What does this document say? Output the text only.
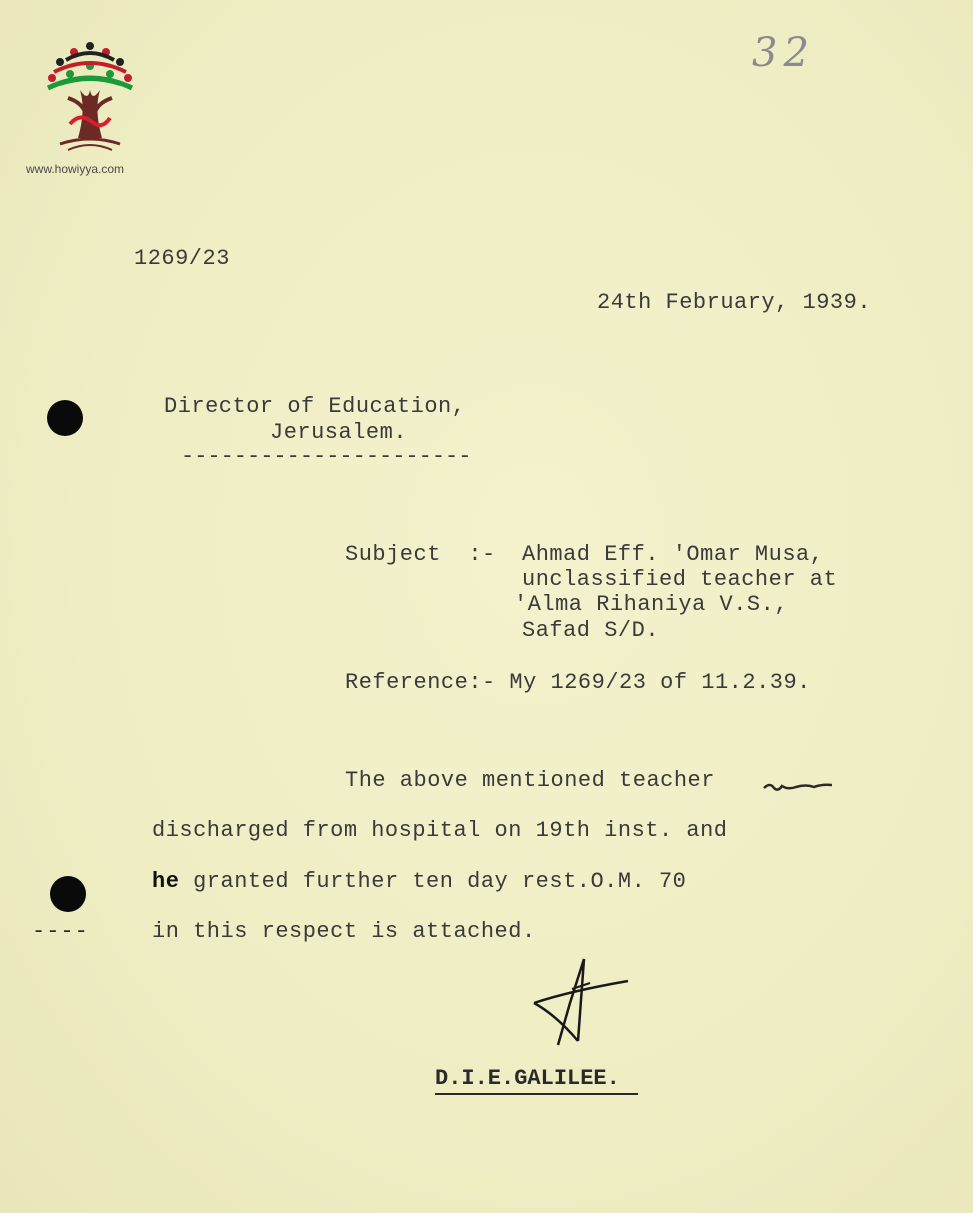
www.howiyya.com
32
1269/23
24th February, 1939.
Director of Education,
Jerusalem.
----------------------
Subject  :- Ahmad Eff. 'Omar Musa,
unclassified teacher at
'Alma Rihaniya V.S.,
Safad S/D.
Reference:- My 1269/23 of 11.2.39.
The above mentioned teacher
discharged from hospital on 19th inst. and
he granted further ten day rest.O.M. 70
in this respect is attached.
----
D.I.E.GALILEE.
